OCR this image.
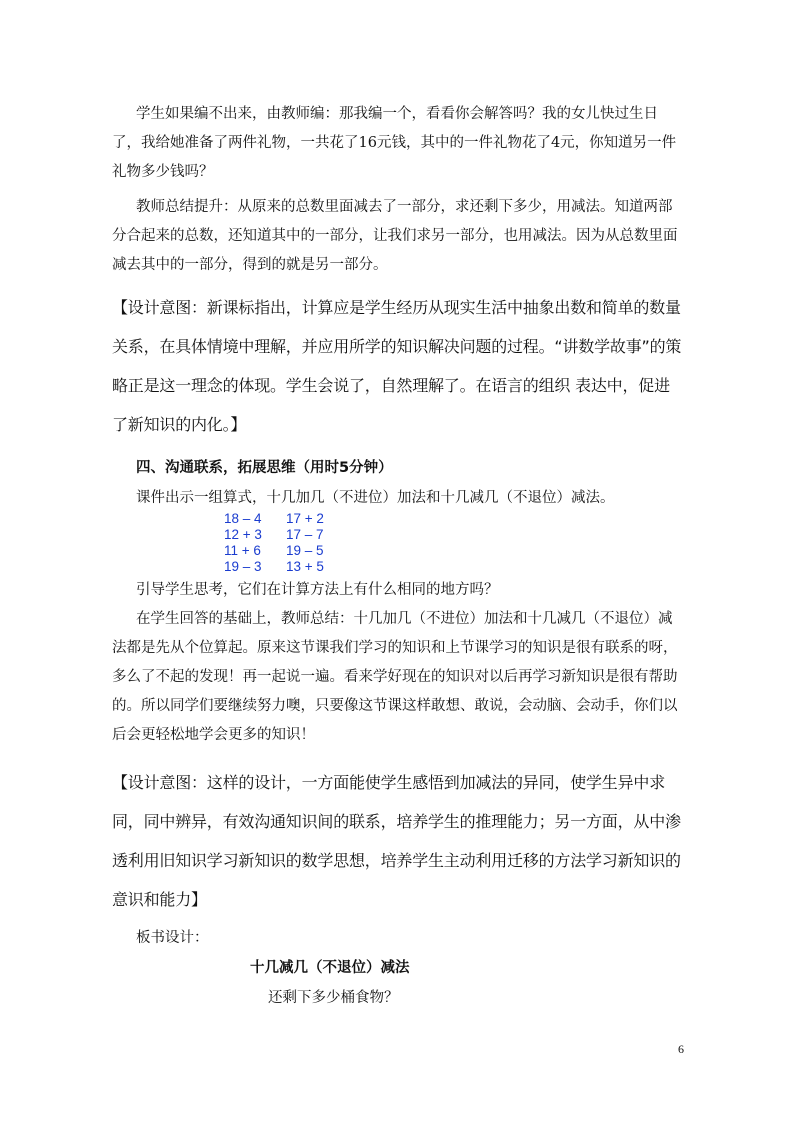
学生如果编不出来，由教师编：那我编一个，看看你会解答吗？我的女儿快过生日了，我给她准备了两件礼物，一共花了16元钱，其中的一件礼物花了4元，你知道另一件礼物多少钱吗？

教师总结提升：从原来的总数里面减去了一部分，求还剩下多少，用减法。知道两部分合起来的总数，还知道其中的一部分，让我们求另一部分，也用减法。因为从总数里面减去其中的一部分，得到的就是另一部分。

【设计意图：新课标指出，计算应是学生经历从现实生活中抽象出数和简单的数量关系，在具体情境中理解，并应用所学的知识解决问题的过程。“讲数学故事”的策略正是这一理念的体现。学生会说了，自然理解了。在语言的组织 表达中，促进了新知识的内化。】

四、沟通联系，拓展思维（用时5分钟）
课件出示一组算式，十几加几（不进位）加法和十几减几（不退位）减法。
18 – 4	17 + 2
12 + 3	17 – 7
11 + 6	19 – 5
19 – 3	13 + 5
引导学生思考，它们在计算方法上有什么相同的地方吗？

在学生回答的基础上，教师总结：十几加几（不进位）加法和十几减几（不退位）减法都是先从个位算起。原来这节课我们学习的知识和上节课学习的知识是很有联系的呀，多么了不起的发现！再一起说一遍。看来学好现在的知识对以后再学习新知识是很有帮助的。所以同学们要继续努力噢，只要像这节课这样敢想、敢说，会动脑、会动手，你们以后会更轻松地学会更多的知识！

【设计意图：这样的设计，一方面能使学生感悟到加减法的异同，使学生异中求同，同中辨异，有效沟通知识间的联系，培养学生的推理能力；另一方面，从中渗透利用旧知识学习新知识的数学思想，培养学生主动利用迁移的方法学习新知识的意识和能力】

板书设计：
十几减几（不退位）减法
还剩下多少桶食物？
6
